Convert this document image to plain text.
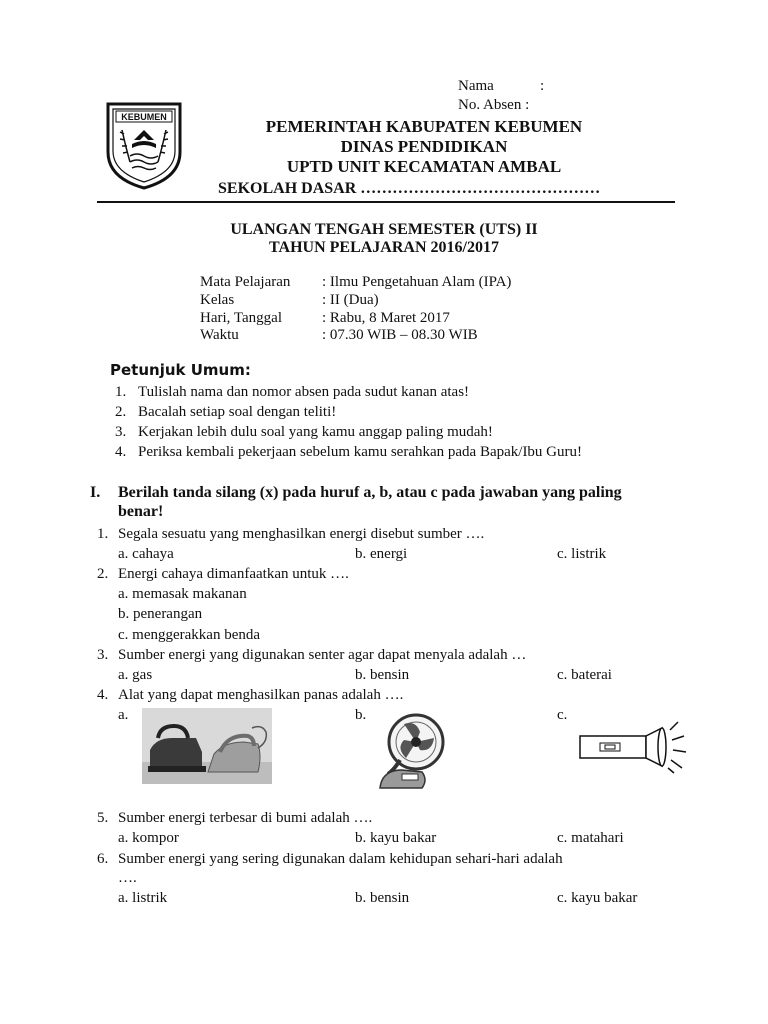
Nama	:
No. Absen :
KEBUMEN	PEMERINTAH KABUPATEN KEBUMEN
DINAS PENDIDIKAN
UPTD UNIT KECAMATAN AMBAL
SEKOLAH DASAR ………………………………………
ULANGAN TENGAH SEMESTER (UTS) II
TAHUN PELAJARAN 2016/2017
Mata Pelajaran : Ilmu Pengetahuan Alam (IPA)
Kelas	: II (Dua)
Hari, Tanggal	: Rabu, 8 Maret 2017
Waktu	: 07.30 WIB – 08.30 WIB
Petunjuk Umum:
1. Tulislah nama dan nomor absen pada sudut kanan atas!
2. Bacalah setiap soal dengan teliti!
3. Kerjakan lebih dulu soal yang kamu anggap paling mudah!
4. Periksa kembali pekerjaan sebelum kamu serahkan pada Bapak/Ibu Guru!
I. Berilah tanda silang (x) pada huruf a, b, atau c pada jawaban yang paling
benar!
1. Segala sesuatu yang menghasilkan energi disebut sumber ….
a. cahaya	b. energi	c. listrik
2. Energi cahaya dimanfaatkan untuk ….
a. memasak makanan
b. penerangan
c. menggerakkan benda
3. Sumber energi yang digunakan senter agar dapat menyala adalah …
a. gas	b. bensin	c. baterai
4. Alat yang dapat menghasilkan panas adalah ….
a.	b.	c.
5. Sumber energi terbesar di bumi adalah ….
a. kompor	b. kayu bakar	c. matahari
6. Sumber energi yang sering digunakan dalam kehidupan sehari-hari adalah
….
a. listrik	b. bensin	c. kayu bakar
